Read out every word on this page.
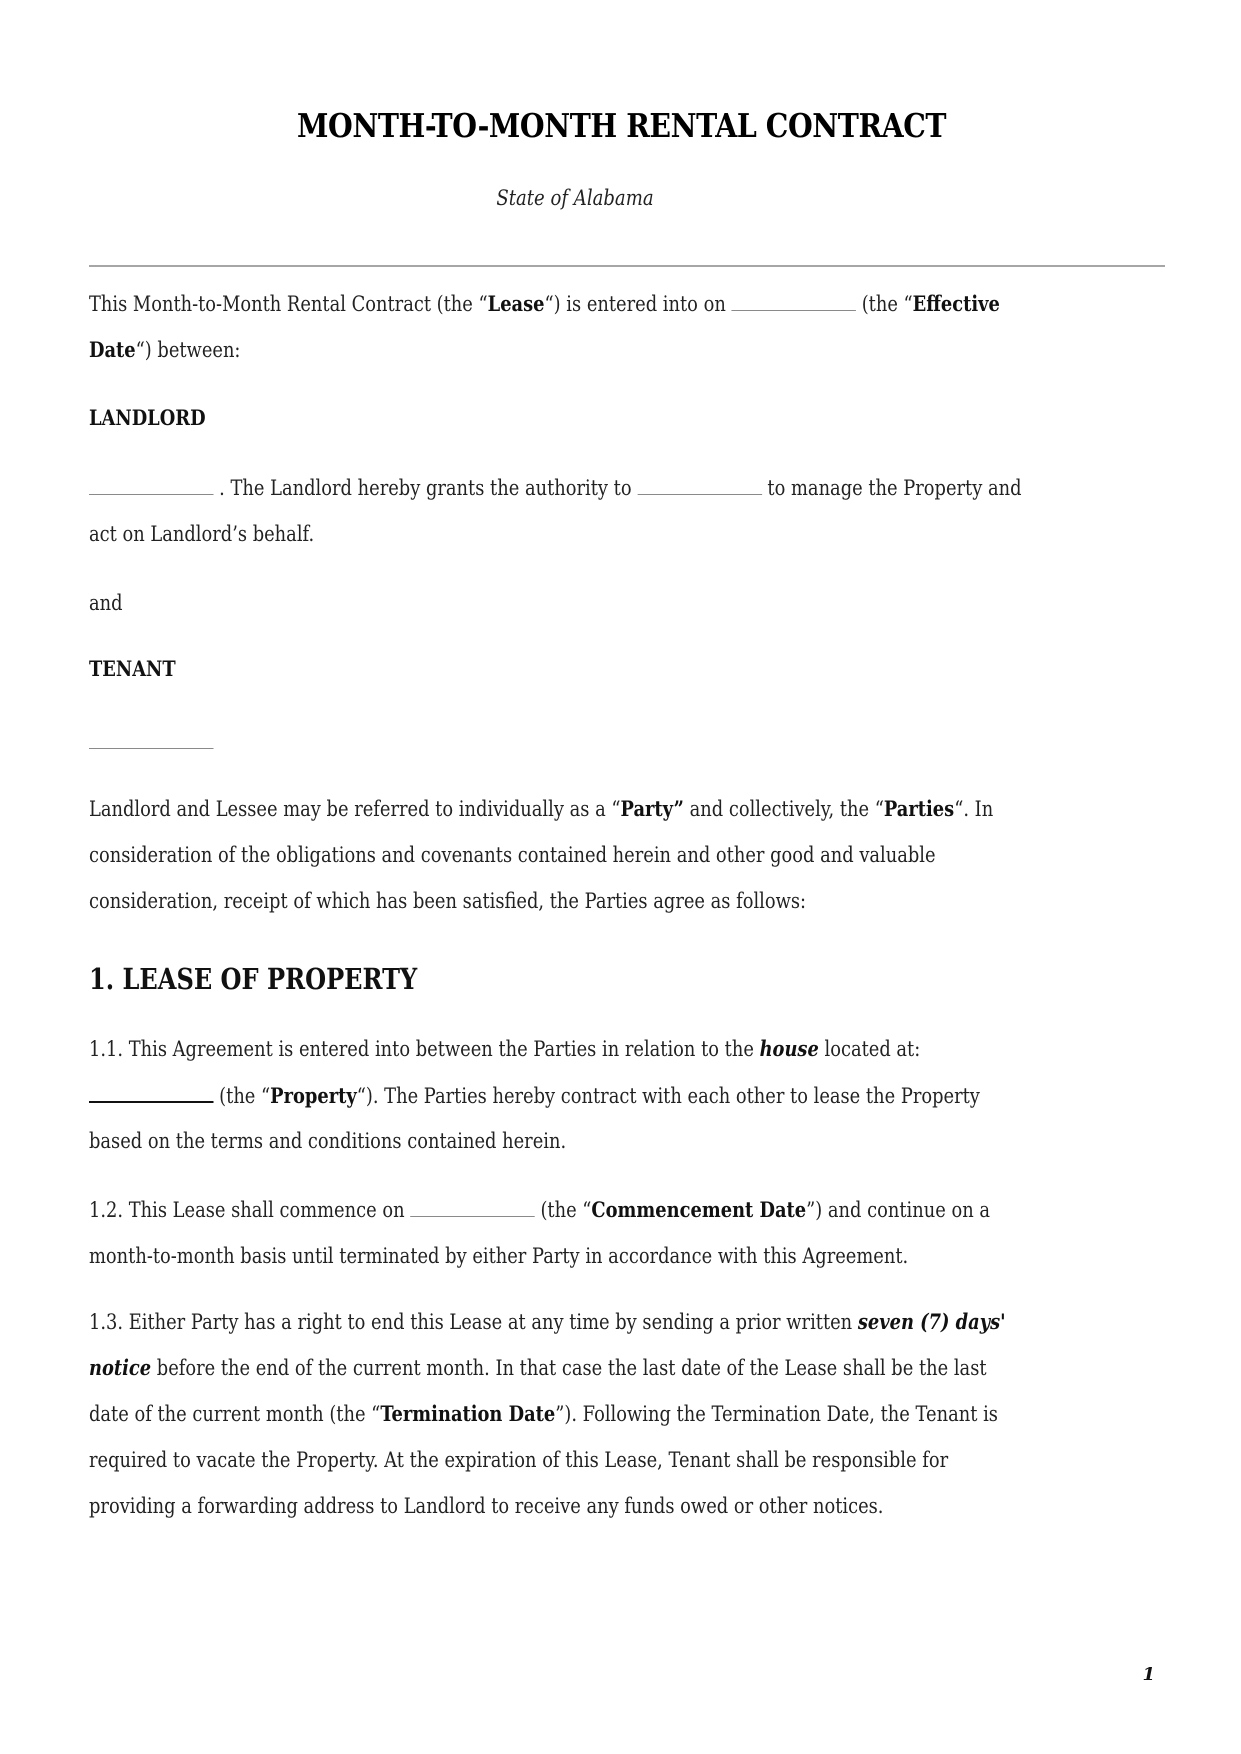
MONTH-TO-MONTH RENTAL CONTRACT
State of Alabama
This Month-to-Month Rental Contract (the “Lease“) is entered into on	(the “Effective
Date“) between:
LANDLORD
. The Landlord hereby grants the authority to	to manage the Property and
act on Landlord’s behalf.
and
TENANT
Landlord and Lessee may be referred to individually as a “Party” and collectively, the “Parties“. In
consideration of the obligations and covenants contained herein and other good and valuable
consideration, receipt of which has been satisfied, the Parties agree as follows:
1. LEASE OF PROPERTY
1.1. This Agreement is entered into between the Parties in relation to the house located at:
(the “Property“). The Parties hereby contract with each other to lease the Property
based on the terms and conditions contained herein.
1.2. This Lease shall commence on	(the “Commencement Date”) and continue on a
month-to-month basis until terminated by either Party in accordance with this Agreement.
1.3. Either Party has a right to end this Lease at any time by sending a prior written seven (7) days'
notice before the end of the current month. In that case the last date of the Lease shall be the last
date of the current month (the “Termination Date”). Following the Termination Date, the Tenant is
required to vacate the Property. At the expiration of this Lease, Tenant shall be responsible for
providing a forwarding address to Landlord to receive any funds owed or other notices.
1
